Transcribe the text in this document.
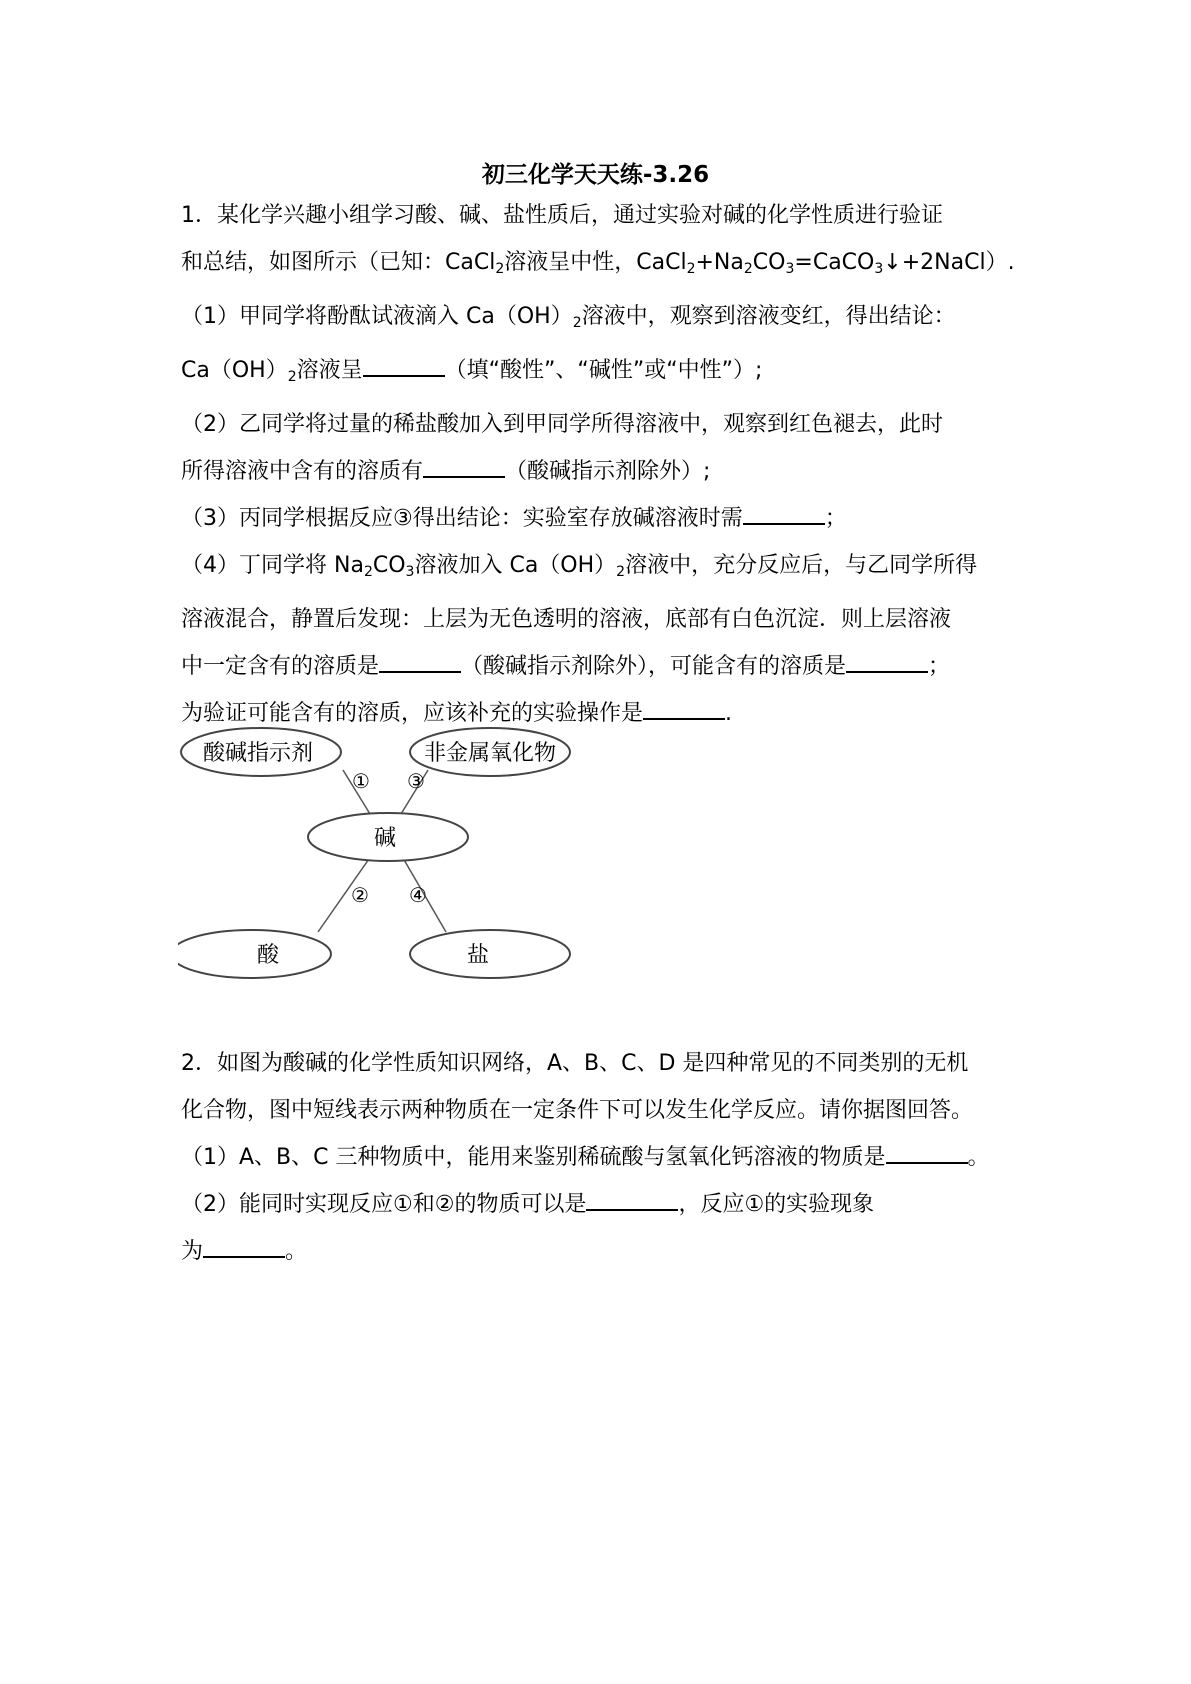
初三化学天天练-3.26
1．某化学兴趣小组学习酸、碱、盐性质后，通过实验对碱的化学性质进行验证
和总结，如图所示（已知：CaCl$_2$溶液呈中性，$CaCl_2+Na_2CO_3=CaCO_3↓+2NaCl$）.
（1）甲同学将酚酞试液滴入 $Ca(OH)_2$溶液中，观察到溶液变红，得出结论：
$Ca(OH)_2$溶液呈	（填“酸性”、“碱性”或“中性”）;
（2）乙同学将过量的稀盐酸加入到甲同学所得溶液中，观察到红色褪去，此时
所得溶液中含有的溶质有	（酸碱指示剂除外）;
（3）丙同学根据反应③得出结论：实验室存放碱溶液时需	；
（4）丁同学将 $Na_2CO_3$溶液加入 $Ca(OH)_2$溶液中，充分反应后，与乙同学所得
溶液混合，静置后发现：上层为无色透明的溶液，底部有白色沉淀．则上层溶液
中一定含有的溶质是	（酸碱指示剂除外），可能含有的溶质是	；
为验证可能含有的溶质，应该补充的实验操作是	.
酸碱指示剂	非金属氧化物
碱
酸	盐
① ③
② ④
2．如图为酸碱的化学性质知识网络，A、B、C、D 是四种常见的不同类别的无机
化合物，图中短线表示两种物质在一定条件下可以发生化学反应。请你据图回答。
（1）A、B、C 三种物质中，能用来鉴别稀硫酸与氢氧化钙溶液的物质是	。
（2）能同时实现反应①和②的物质可以是	，反应①的实验现象
为	。
